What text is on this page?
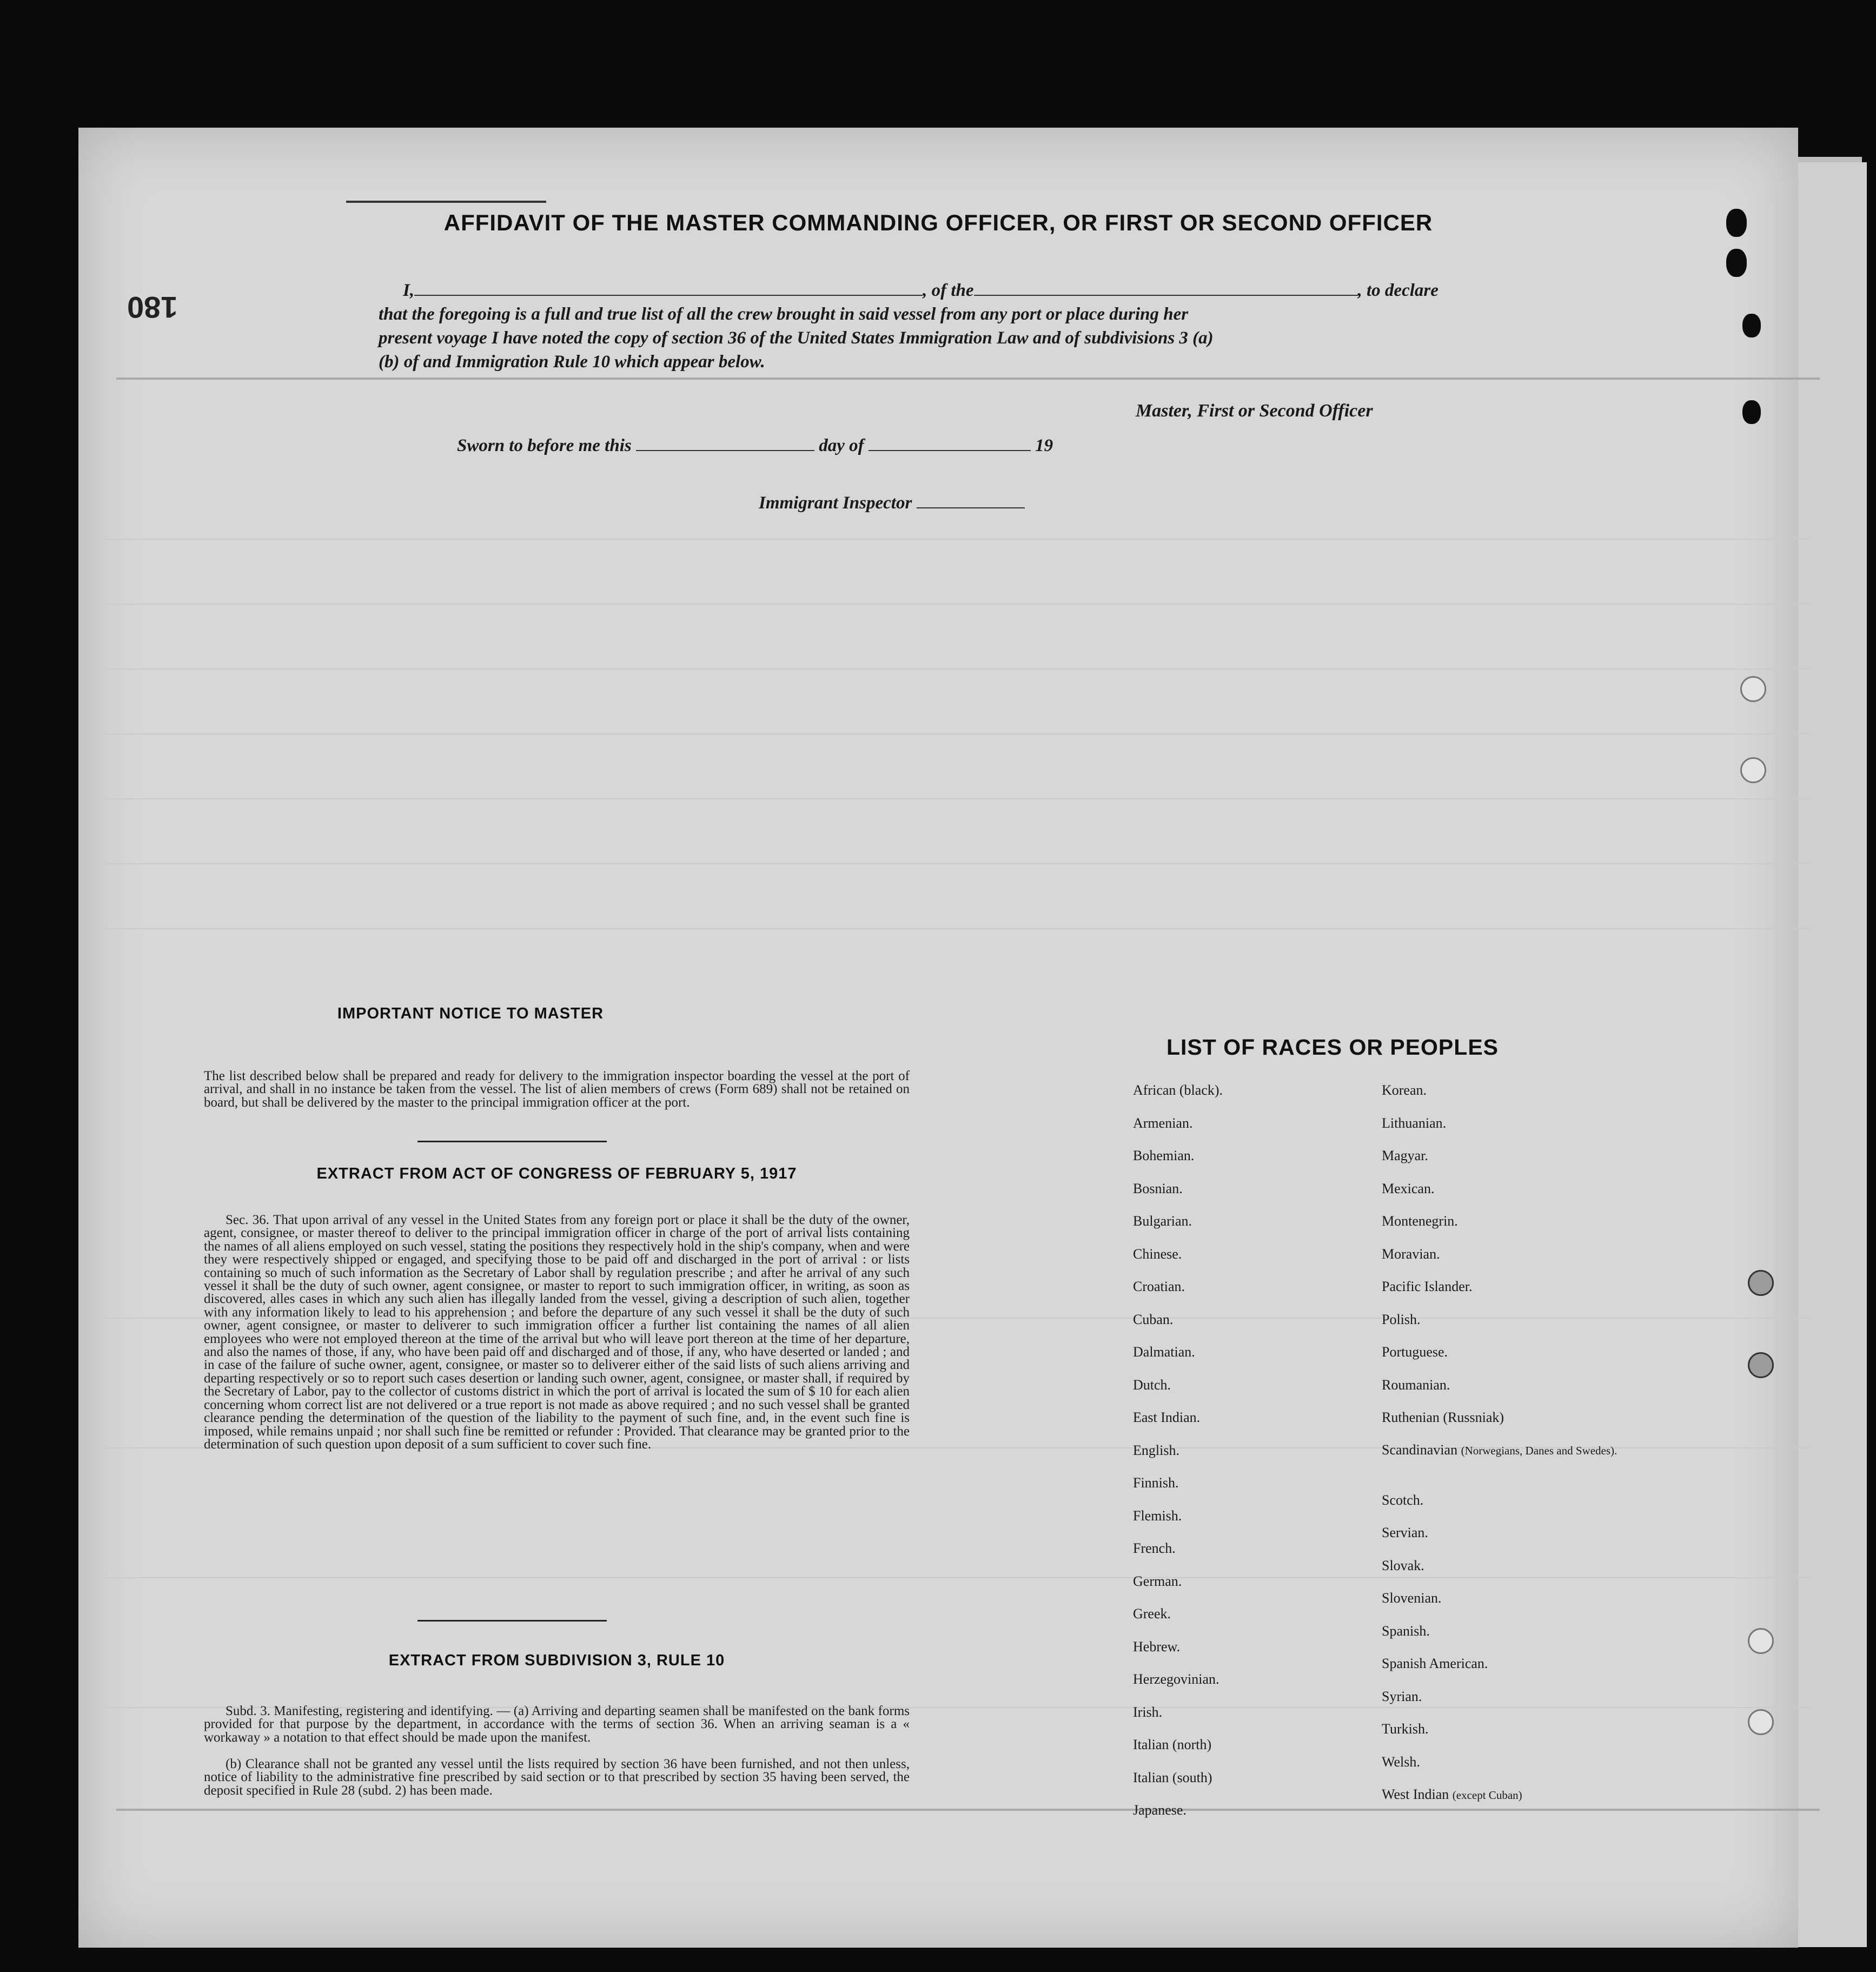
180
AFFIDAVIT OF THE MASTER COMMANDING OFFICER, OR FIRST OR SECOND OFFICER
I,	, of the	, to declare
that the foregoing is a full and true list of all the crew brought in said vessel from any port or place during her
present voyage I have noted the copy of section 36 of the United States Immigration Law and of subdivisions 3 (a)
(b) of and Immigration Rule 10 which appear below.
Master, First or Second Officer
Sworn to before me this	day of	19
Immigrant Inspector
IMPORTANT NOTICE TO MASTER
The list described below shall be prepared and ready for delivery to the immigration inspector boarding the vessel at the port of arrival, and shall in no instance be taken from the vessel. The list of alien members of crews (Form 689) shall not be retained on board, but shall be delivered by the master to the principal immigration officer at the port.
EXTRACT FROM ACT OF CONGRESS OF FEBRUARY 5, 1917
Sec. 36. That upon arrival of any vessel in the United States from any foreign port or place it shall be the duty of the owner, agent, consignee, or master thereof to deliver to the principal immigration officer in charge of the port of arrival lists containing the names of all aliens employed on such vessel, stating the positions they respectively hold in the ship's company, when and were they were respectively shipped or engaged, and specifying those to be paid off and discharged in the port of arrival : or lists containing so much of such information as the Secretary of Labor shall by regulation prescribe ; and after he arrival of any such vessel it shall be the duty of such owner, agent consignee, or master to report to such immigration officer, in writing, as soon as discovered, alles cases in which any such alien has illegally landed from the vessel, giving a description of such alien, together with any information likely to lead to his apprehension ; and before the departure of any such vessel it shall be the duty of such owner, agent consignee, or master to deliverer to such immigration officer a further list containing the names of all alien employees who were not employed thereon at the time of the arrival but who will leave port thereon at the time of her departure, and also the names of those, if any, who have been paid off and discharged and of those, if any, who have deserted or landed ; and in case of the failure of suche owner, agent, consignee, or master so to deliverer either of the said lists of such aliens arriving and departing respectively or so to report such cases desertion or landing such owner, agent, consignee, or master shall, if required by the Secretary of Labor, pay to the collector of customs district in which the port of arrival is located the sum of $ 10 for each alien concerning whom correct list are not delivered or a true report is not made as above required ; and no such vessel shall be granted clearance pending the determination of the question of the liability to the payment of such fine, and, in the event such fine is imposed, while remains unpaid ; nor shall such fine be remitted or refunder : Provided. That clearance may be granted prior to the determination of such question upon deposit of a sum sufficient to cover such fine.
EXTRACT FROM SUBDIVISION 3, RULE 10
Subd. 3. Manifesting, registering and identifying. — (a) Arriving and departing seamen shall be manifested on the bank forms provided for that purpose by the department, in accordance with the terms of section 36. When an arriving seaman is a « workaway » a notation to that effect should be made upon the manifest.
(b) Clearance shall not be granted any vessel until the lists required by section 36 have been furnished, and not then unless, notice of liability to the administrative fine prescribed by said section or to that prescribed by section 35 having been served, the deposit specified in Rule 28 (subd. 2) has been made.
LIST OF RACES OR PEOPLES
African (black).
Armenian.
Bohemian.
Bosnian.
Bulgarian.
Chinese.
Croatian.
Cuban.
Dalmatian.
Dutch.
East Indian.
English.
Finnish.
Flemish.
French.
German.
Greek.
Hebrew.
Herzegovinian.
Irish.
Italian (north)
Italian (south)
Japanese.
Korean.
Lithuanian.
Magyar.
Mexican.
Montenegrin.
Moravian.
Pacific Islander.
Polish.
Portuguese.
Roumanian.
Ruthenian (Russniak)
Scandinavian (Norwegians, Danes and Swedes).
Scotch.
Servian.
Slovak.
Slovenian.
Spanish.
Spanish American.
Syrian.
Turkish.
Welsh.
West Indian (except Cuban)
